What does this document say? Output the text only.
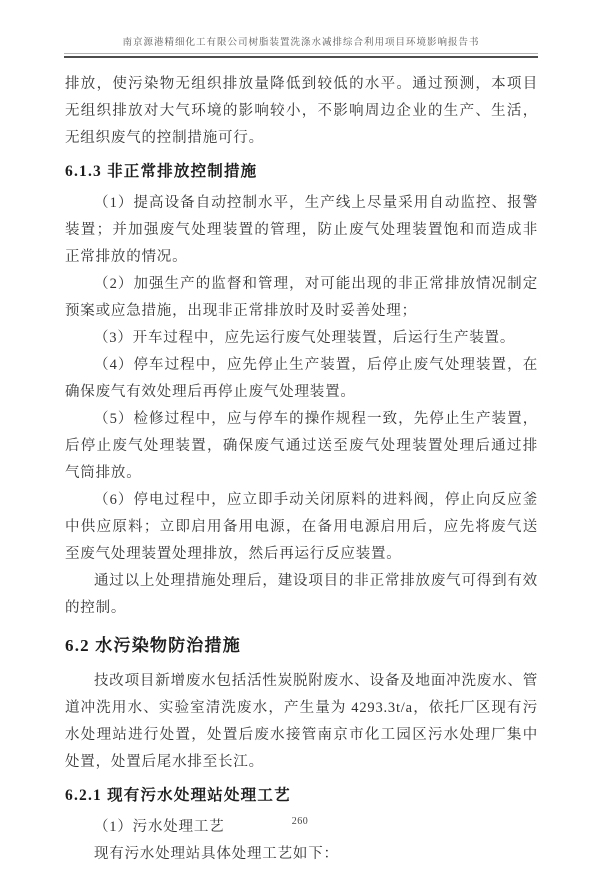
南京源港精细化工有限公司树脂装置洗涤水减排综合利用项目环境影响报告书

排放，使污染物无组织排放量降低到较低的水平。通过预测，本项目无组织排放对大气环境的影响较小，不影响周边企业的生产、生活，无组织废气的控制措施可行。

6.1.3 非正常排放控制措施

（1）提高设备自动控制水平，生产线上尽量采用自动监控、报警装置；并加强废气处理装置的管理，防止废气处理装置饱和而造成非正常排放的情况。

（2）加强生产的监督和管理，对可能出现的非正常排放情况制定预案或应急措施，出现非正常排放时及时妥善处理；

（3）开车过程中，应先运行废气处理装置，后运行生产装置。

（4）停车过程中，应先停止生产装置，后停止废气处理装置，在确保废气有效处理后再停止废气处理装置。

（5）检修过程中，应与停车的操作规程一致，先停止生产装置，后停止废气处理装置，确保废气通过送至废气处理装置处理后通过排气筒排放。

（6）停电过程中，应立即手动关闭原料的进料阀，停止向反应釜中供应原料；立即启用备用电源，在备用电源启用后，应先将废气送至废气处理装置处理排放，然后再运行反应装置。

通过以上处理措施处理后，建设项目的非正常排放废气可得到有效的控制。

6.2 水污染物防治措施

技改项目新增废水包括活性炭脱附废水、设备及地面冲洗废水、管道冲洗用水、实验室清洗废水，产生量为 4293.3t/a，依托厂区现有污水处理站进行处置，处置后废水接管南京市化工园区污水处理厂集中处置，处置后尾水排至长江。

6.2.1 现有污水处理站处理工艺

（1）污水处理工艺

现有污水处理站具体处理工艺如下：

260
